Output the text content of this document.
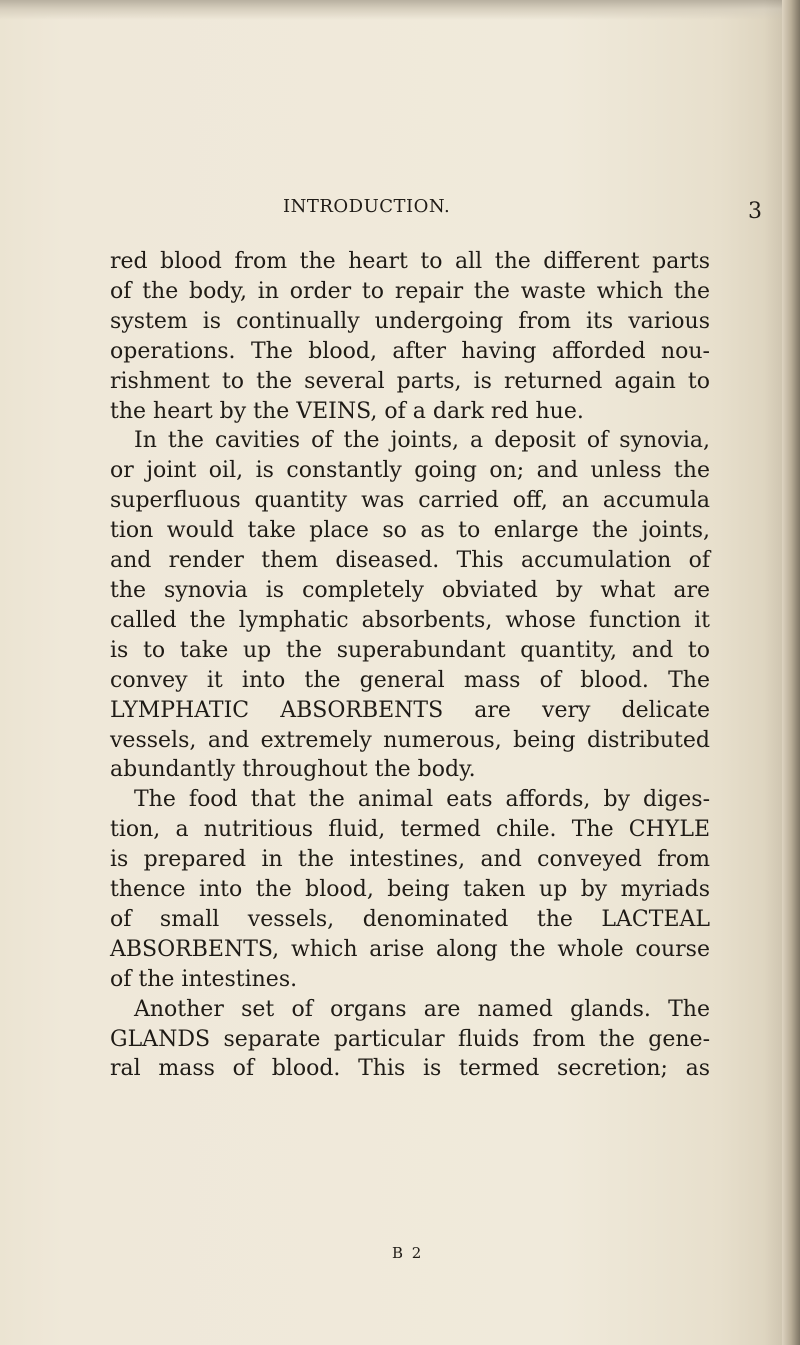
INTRODUCTION.	3
red blood from the heart to all the different parts
of the body, in order to repair the waste which the
system is continually undergoing from its various
operations. The blood, after having afforded nou-
rishment to the several parts, is returned again to
the heart by the VEINS, of a dark red hue.
In the cavities of the joints, a deposit of synovia,
or joint oil, is constantly going on; and unless the
superfluous quantity was carried off, an accumula
tion would take place so as to enlarge the joints,
and render them diseased. This accumulation of
the synovia is completely obviated by what are
called the lymphatic absorbents, whose function it
is to take up the superabundant quantity, and to
convey it into the general mass of blood. The
LYMPHATIC ABSORBENTS are very delicate
vessels, and extremely numerous, being distributed
abundantly throughout the body.
The food that the animal eats affords, by diges-
tion, a nutritious fluid, termed chile. The CHYLE
is prepared in the intestines, and conveyed from
thence into the blood, being taken up by myriads
of small vessels, denominated the LACTEAL
ABSORBENTS, which arise along the whole course
of the intestines.
Another set of organs are named glands. The
GLANDS separate particular fluids from the gene-
ral mass of blood. This is termed secretion; as
B 2
